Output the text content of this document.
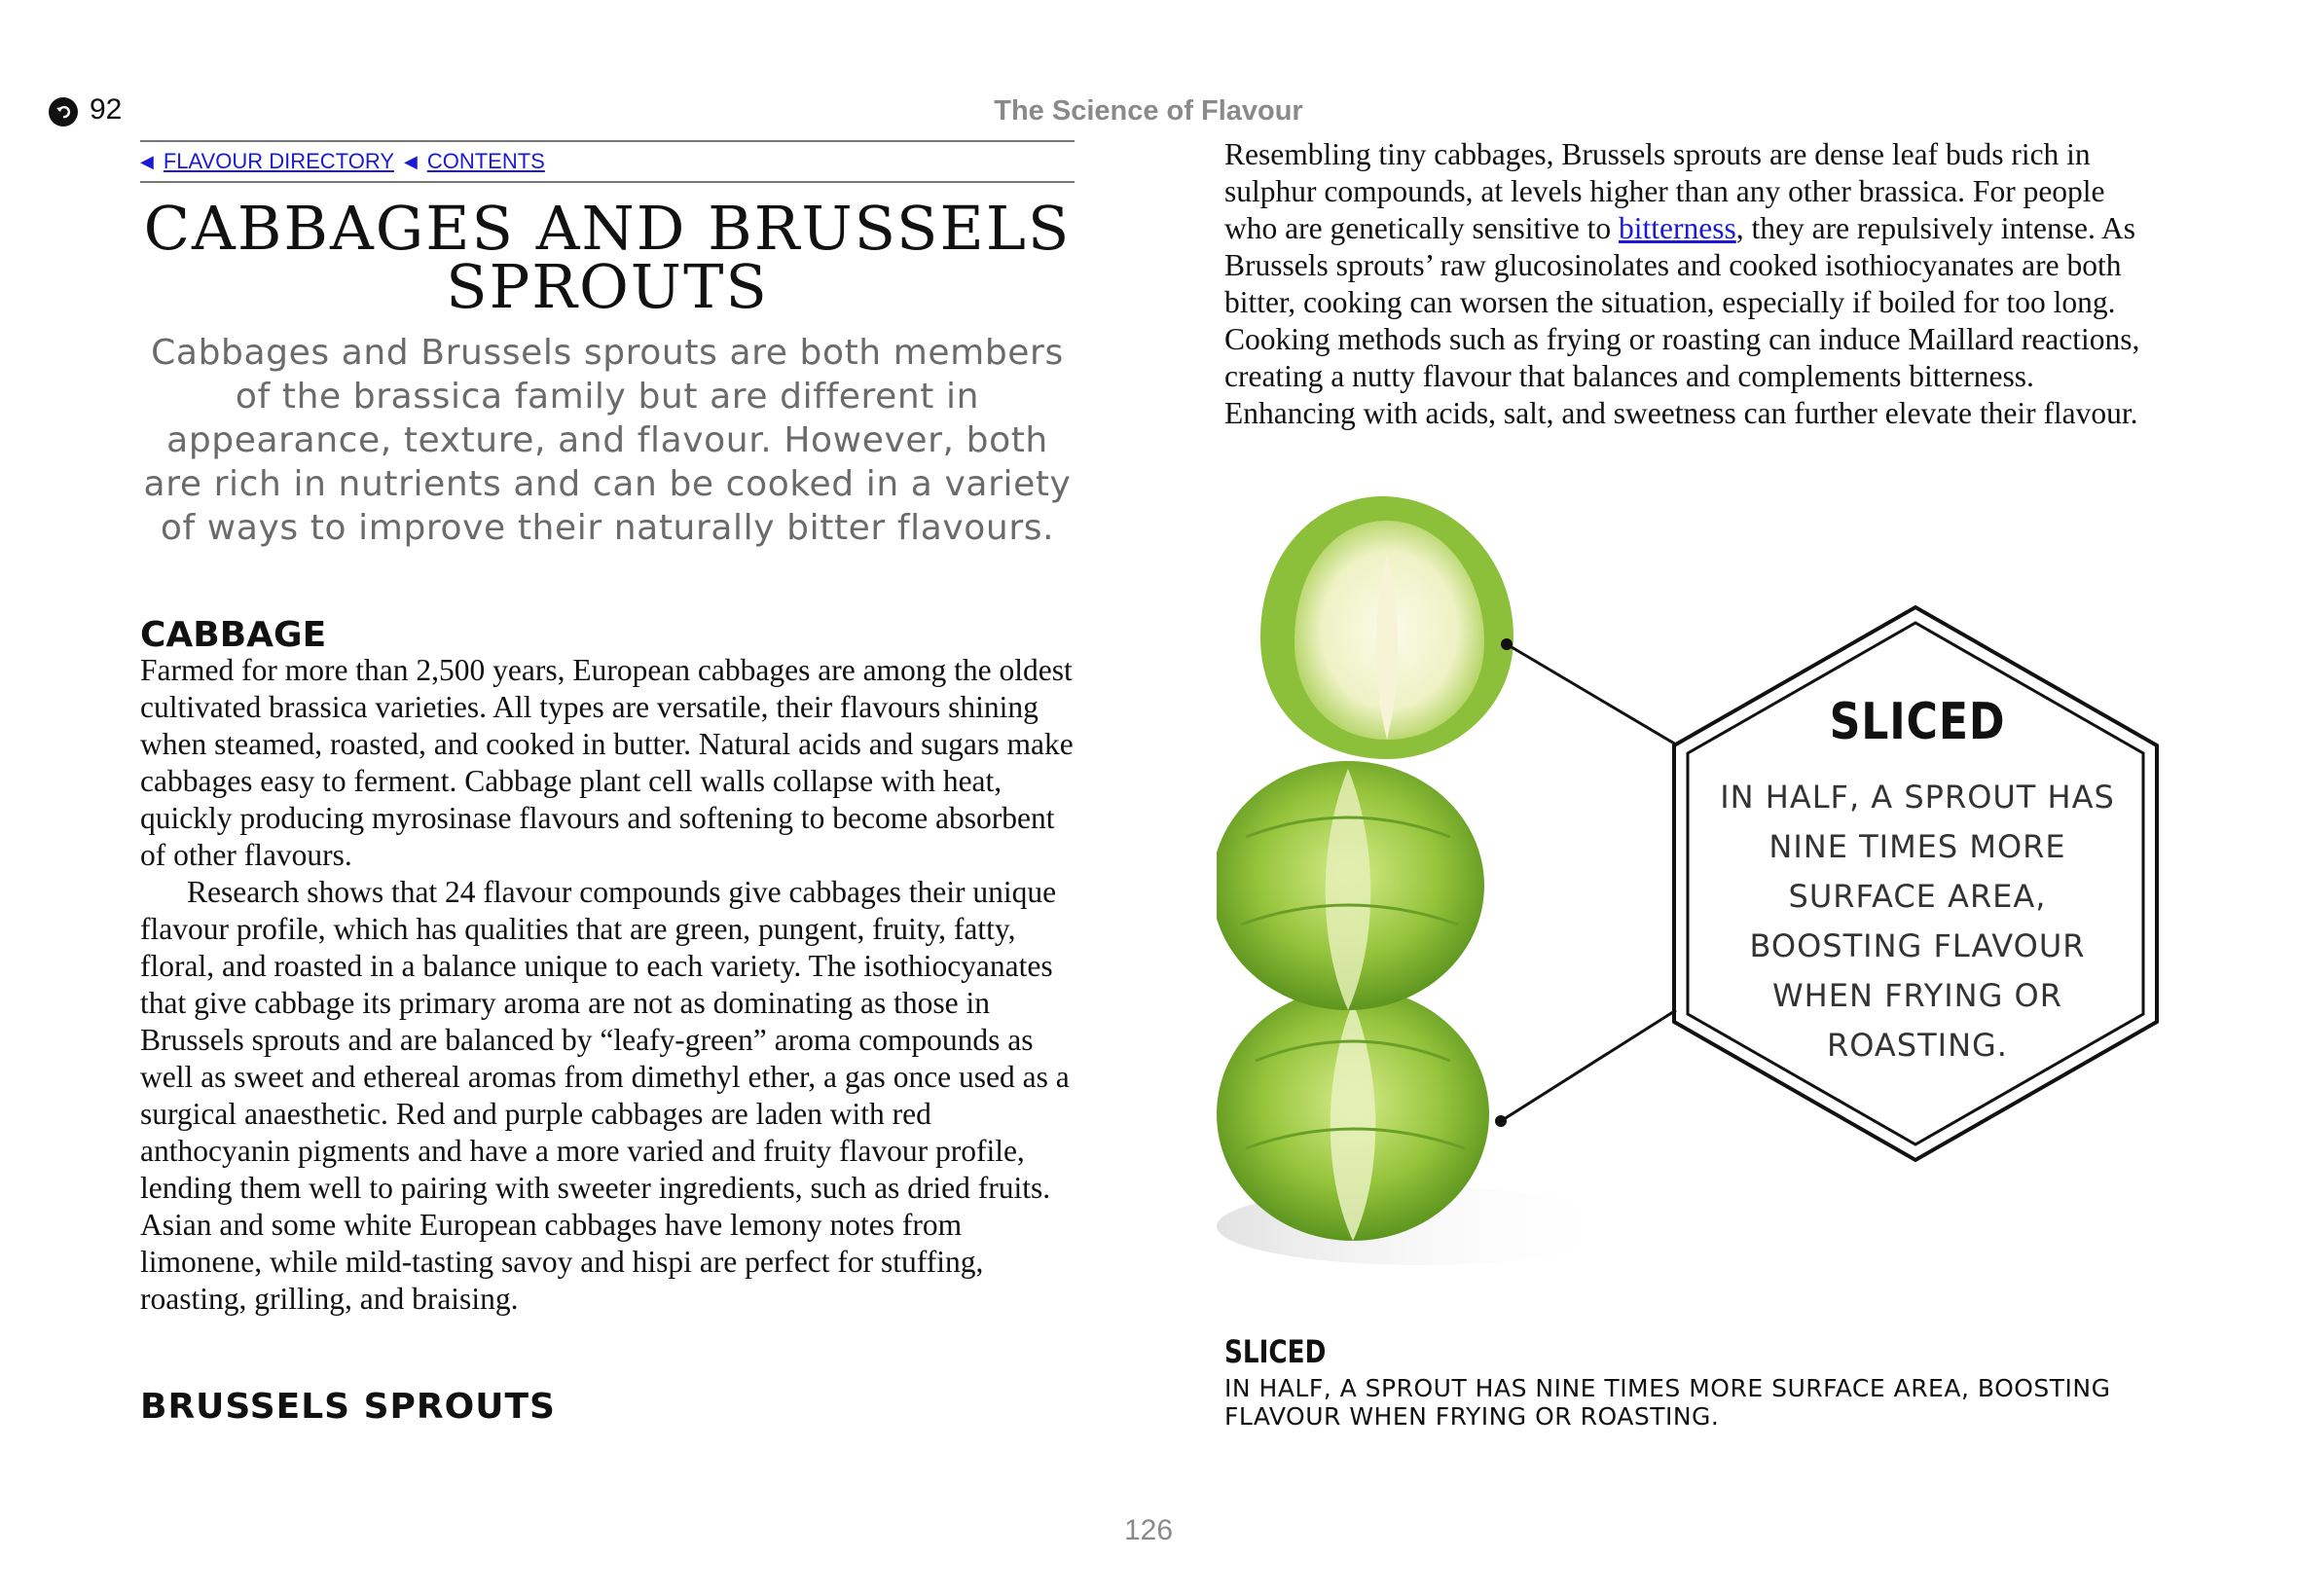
92	The Science of Flavour
◀ FLAVOUR DIRECTORY ◀ CONTENTS
CABBAGES AND BRUSSELS SPROUTS
Cabbages and Brussels sprouts are both members of the brassica family but are different in appearance, texture, and flavour. However, both are rich in nutrients and can be cooked in a variety of ways to improve their naturally bitter flavours.
CABBAGE

Farmed for more than 2,500 years, European cabbages are among the oldest cultivated brassica varieties. All types are versatile, their flavours shining when steamed, roasted, and cooked in butter. Natural acids and sugars make cabbages easy to ferment. Cabbage plant cell walls collapse with heat, quickly producing myrosinase flavours and softening to become absorbent of other flavours.

Research shows that 24 flavour compounds give cabbages their unique flavour profile, which has qualities that are green, pungent, fruity, fatty, floral, and roasted in a balance unique to each variety. The isothiocyanates that give cabbage its primary aroma are not as dominating as those in Brussels sprouts and are balanced by “leafy-green” aroma compounds as well as sweet and ethereal aromas from dimethyl ether, a gas once used as a surgical anaesthetic. Red and purple cabbages are laden with red anthocyanin pigments and have a more varied and fruity flavour profile, lending them well to pairing with sweeter ingredients, such as dried fruits. Asian and some white European cabbages have lemony notes from limonene, while mild-tasting savoy and hispi are perfect for stuffing, roasting, grilling, and braising.

BRUSSELS SPROUTS

Resembling tiny cabbages, Brussels sprouts are dense leaf buds rich in sulphur compounds, at levels higher than any other brassica. For people who are genetically sensitive to bitterness, they are repulsively intense. As Brussels sprouts’ raw glucosinolates and cooked isothiocyanates are both bitter, cooking can worsen the situation, especially if boiled for too long. Cooking methods such as frying or roasting can induce Maillard reactions, creating a nutty flavour that balances and complements bitterness. Enhancing with acids, salt, and sweetness can further elevate their flavour.

SLICED
IN HALF, A SPROUT HAS
NINE TIMES MORE
SURFACE AREA,
BOOSTING FLAVOUR
WHEN FRYING OR
ROASTING.
SLICED
IN HALF, A SPROUT HAS NINE TIMES MORE SURFACE AREA, BOOSTING FLAVOUR WHEN FRYING OR ROASTING.
126
